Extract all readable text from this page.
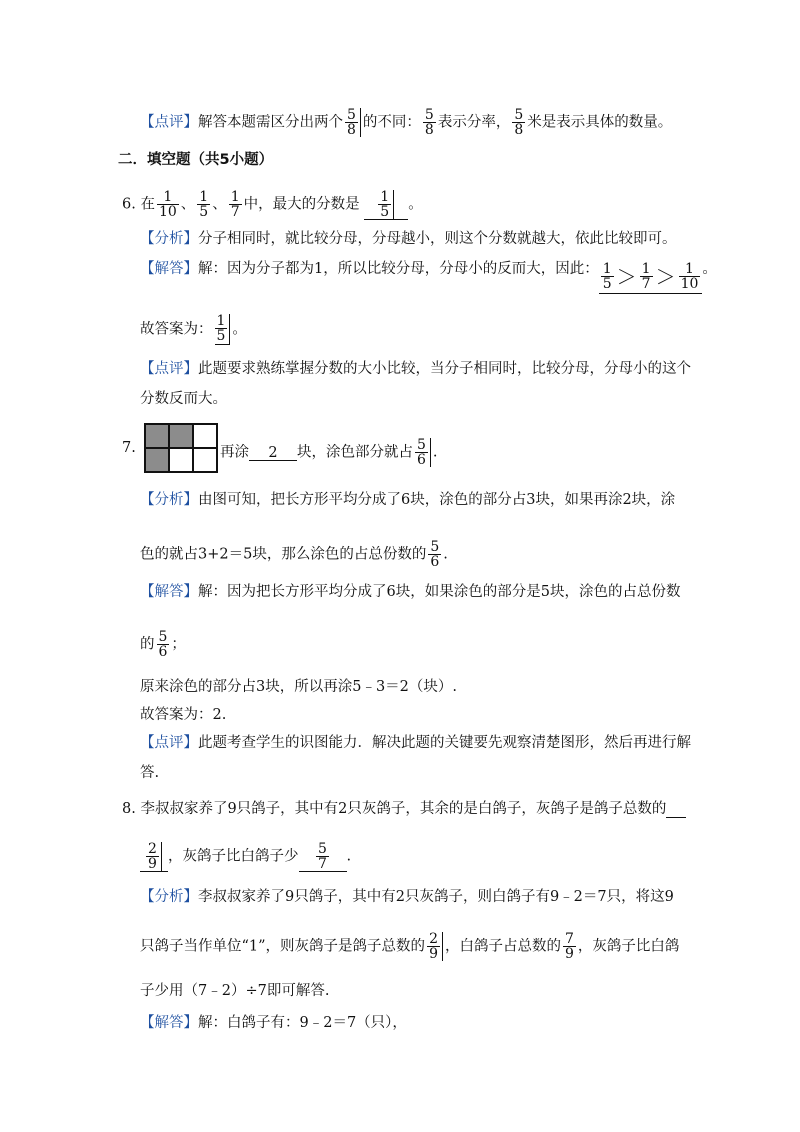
【点评】解答本题需区分出两个 $\frac{5}{8}$ 的不同： $\frac{5}{8}$ 表示分率， $\frac{5}{8}$ 米是表示具体的数量。
二．填空题（共5小题）
6. 在 $\frac{1}{10}$ 、 $\frac{1}{5}$ 、 $\frac{1}{7}$ 中，最大的分数是 $\frac{1}{5}$ 。
【分析】分子相同时，就比较分母，分母越小，则这个分数就越大，依此比较即可。
【解答】解：因为分子都为1，所以比较分母，分母小的反而大，因此： $\frac{1}{5} > \frac{1}{7} > \frac{1}{10}$ 。
故答案为： $\frac{1}{5}$ 。
【点评】此题要求熟练掌握分数的大小比较，当分子相同时，比较分母，分母小的这个
分数反而大。
7.	再涂 2 块，涂色部分就占 $\frac{5}{6}$ .
【分析】由图可知，把长方形平均分成了6块，涂色的部分占3块，如果再涂2块，涂
色的就占3+2＝5块，那么涂色的占总份数的 $\frac{5}{6}$ .
【解答】解：因为把长方形平均分成了6块，如果涂色的部分是5块，涂色的占总份数
的 $\frac{5}{6}$ ；
原来涂色的部分占3块，所以再涂5﹣3＝2（块）.
故答案为：2.
【点评】此题考查学生的识图能力．解决此题的关键要先观察清楚图形，然后再进行解
答.
8. 李叔叔家养了9只鸽子，其中有2只灰鸽子，其余的是白鸽子，灰鸽子是鸽子总数的
$\frac{2}{9}$ ，灰鸽子比白鸽子少 $\frac{5}{7}$ .
【分析】李叔叔家养了9只鸽子，其中有2只灰鸽子，则白鸽子有9﹣2＝7只，将这9
只鸽子当作单位“1”，则灰鸽子是鸽子总数的 $\frac{2}{9}$ ，白鸽子占总数的 $\frac{7}{9}$ ，灰鸽子比白鸽
子少用（7﹣2）÷7即可解答.
【解答】解：白鸽子有：9﹣2＝7（只），
